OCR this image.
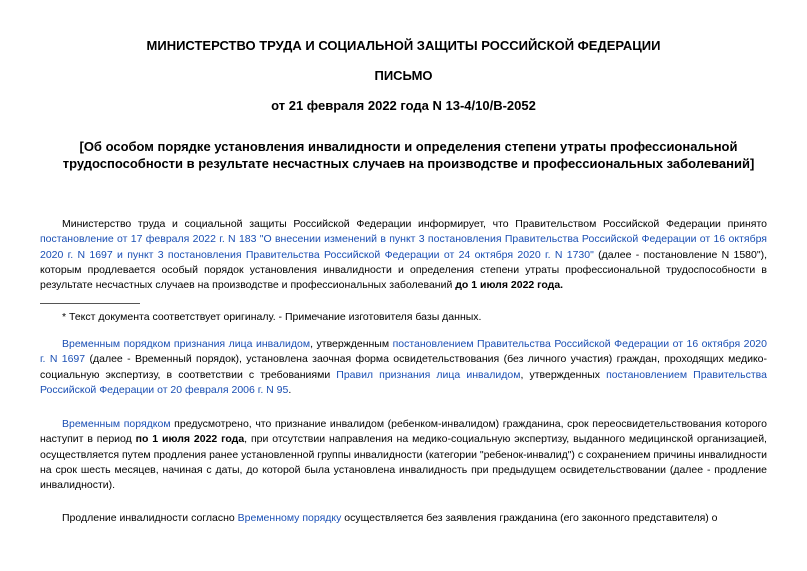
МИНИСТЕРСТВО ТРУДА И СОЦИАЛЬНОЙ ЗАЩИТЫ РОССИЙСКОЙ ФЕДЕРАЦИИ
ПИСЬМО
от 21 февраля 2022 года N 13-4/10/В-2052
[Об особом порядке установления инвалидности и определения степени утраты профессиональной трудоспособности в результате несчастных случаев на производстве и профессиональных заболеваний]
Министерство труда и социальной защиты Российской Федерации информирует, что Правительством Российской Федерации принято постановление от 17 февраля 2022 г. N 183 "О внесении изменений в пункт 3 постановления Правительства Российской Федерации от 16 октября 2020 г. N 1697 и пункт 3 постановления Правительства Российской Федерации от 24 октября 2020 г. N 1730" (далее - постановление N 1580"), которым продлевается особый порядок установления инвалидности и определения степени утраты профессиональной трудоспособности в результате несчастных случаев на производстве и профессиональных заболеваний до 1 июля 2022 года.
* Текст документа соответствует оригиналу. - Примечание изготовителя базы данных.
Временным порядком признания лица инвалидом, утвержденным постановлением Правительства Российской Федерации от 16 октября 2020 г. N 1697 (далее - Временный порядок), установлена заочная форма освидетельствования (без личного участия) граждан, проходящих медико-социальную экспертизу, в соответствии с требованиями Правил признания лица инвалидом, утвержденных постановлением Правительства Российской Федерации от 20 февраля 2006 г. N 95.
Временным порядком предусмотрено, что признание инвалидом (ребенком-инвалидом) гражданина, срок переосвидетельствования которого наступит в период по 1 июля 2022 года, при отсутствии направления на медико-социальную экспертизу, выданного медицинской организацией, осуществляется путем продления ранее установленной группы инвалидности (категории "ребенок-инвалид") с сохранением причины инвалидности на срок шесть месяцев, начиная с даты, до которой была установлена инвалидность при предыдущем освидетельствовании (далее - продление инвалидности).
Продление инвалидности согласно Временному порядку осуществляется без заявления гражданина (его законного представителя) о
